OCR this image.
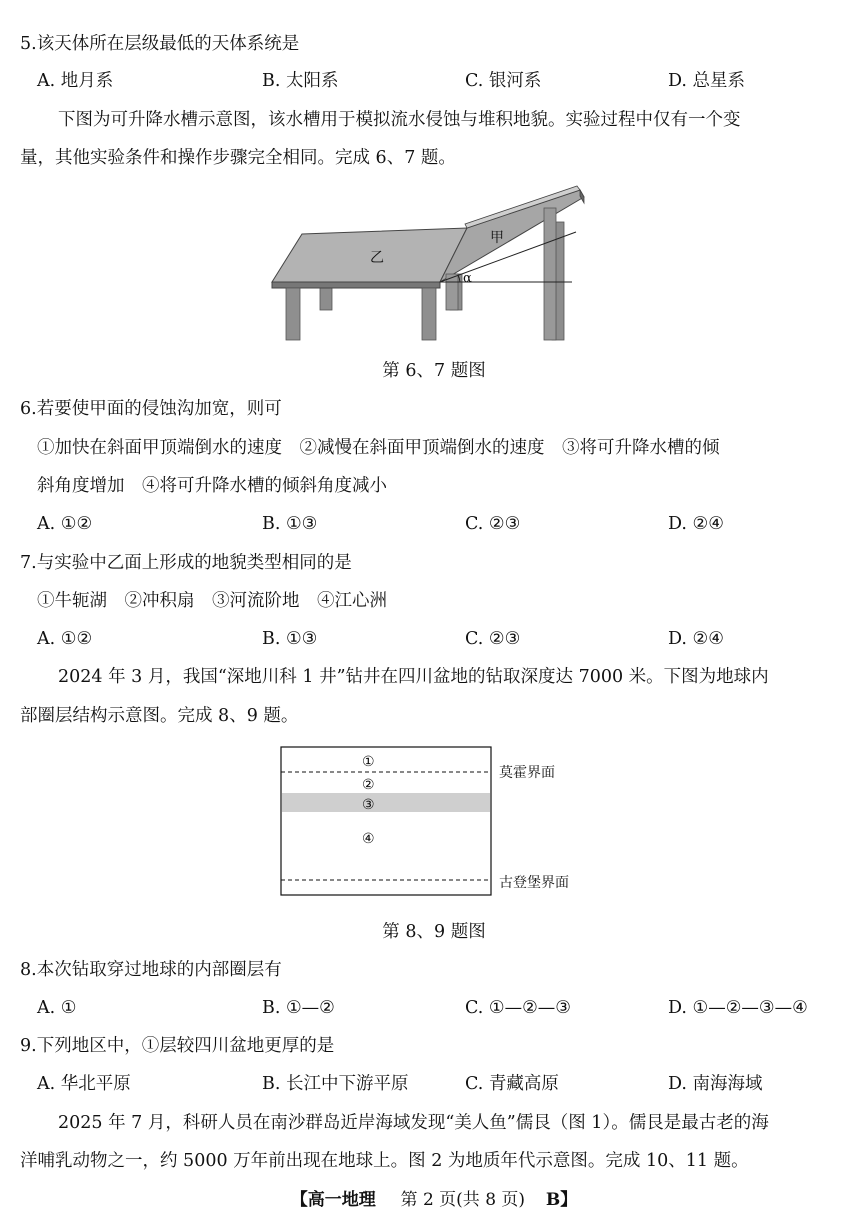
5.该天体所在层级最低的天体系统是
A. 地月系	B. 太阳系	C. 银河系	D. 总星系
下图为可升降水槽示意图，该水槽用于模拟流水侵蚀与堆积地貌。实验过程中仅有一个变
量，其他实验条件和操作步骤完全相同。完成 6、7 题。
乙
甲
α
第 6、7 题图
6.若要使甲面的侵蚀沟加宽，则可
①加快在斜面甲顶端倒水的速度　②减慢在斜面甲顶端倒水的速度　③将可升降水槽的倾
斜角度增加　④将可升降水槽的倾斜角度减小
A. ①②	B. ①③	C. ②③	D. ②④
7.与实验中乙面上形成的地貌类型相同的是
①牛轭湖　②冲积扇　③河流阶地　④江心洲
A. ①②	B. ①③	C. ②③	D. ②④
2024 年 3 月，我国“深地川科 1 井”钻井在四川盆地的钻取深度达 7000 米。下图为地球内
部圈层结构示意图。完成 8、9 题。
①
②
③
④
莫霍界面
古登堡界面
第 8、9 题图
8.本次钻取穿过地球的内部圈层有
A. ①	B. ①—②	C. ①—②—③	D. ①—②—③—④
9.下列地区中，①层较四川盆地更厚的是
A. 华北平原	B. 长江中下游平原	C. 青藏高原	D. 南海海域
2025 年 7 月，科研人员在南沙群岛近岸海域发现“美人鱼”儒艮（图 1）。儒艮是最古老的海
洋哺乳动物之一，约 5000 万年前出现在地球上。图 2 为地质年代示意图。完成 10、11 题。
【高一地理 第 2 页(共 8 页) B】
